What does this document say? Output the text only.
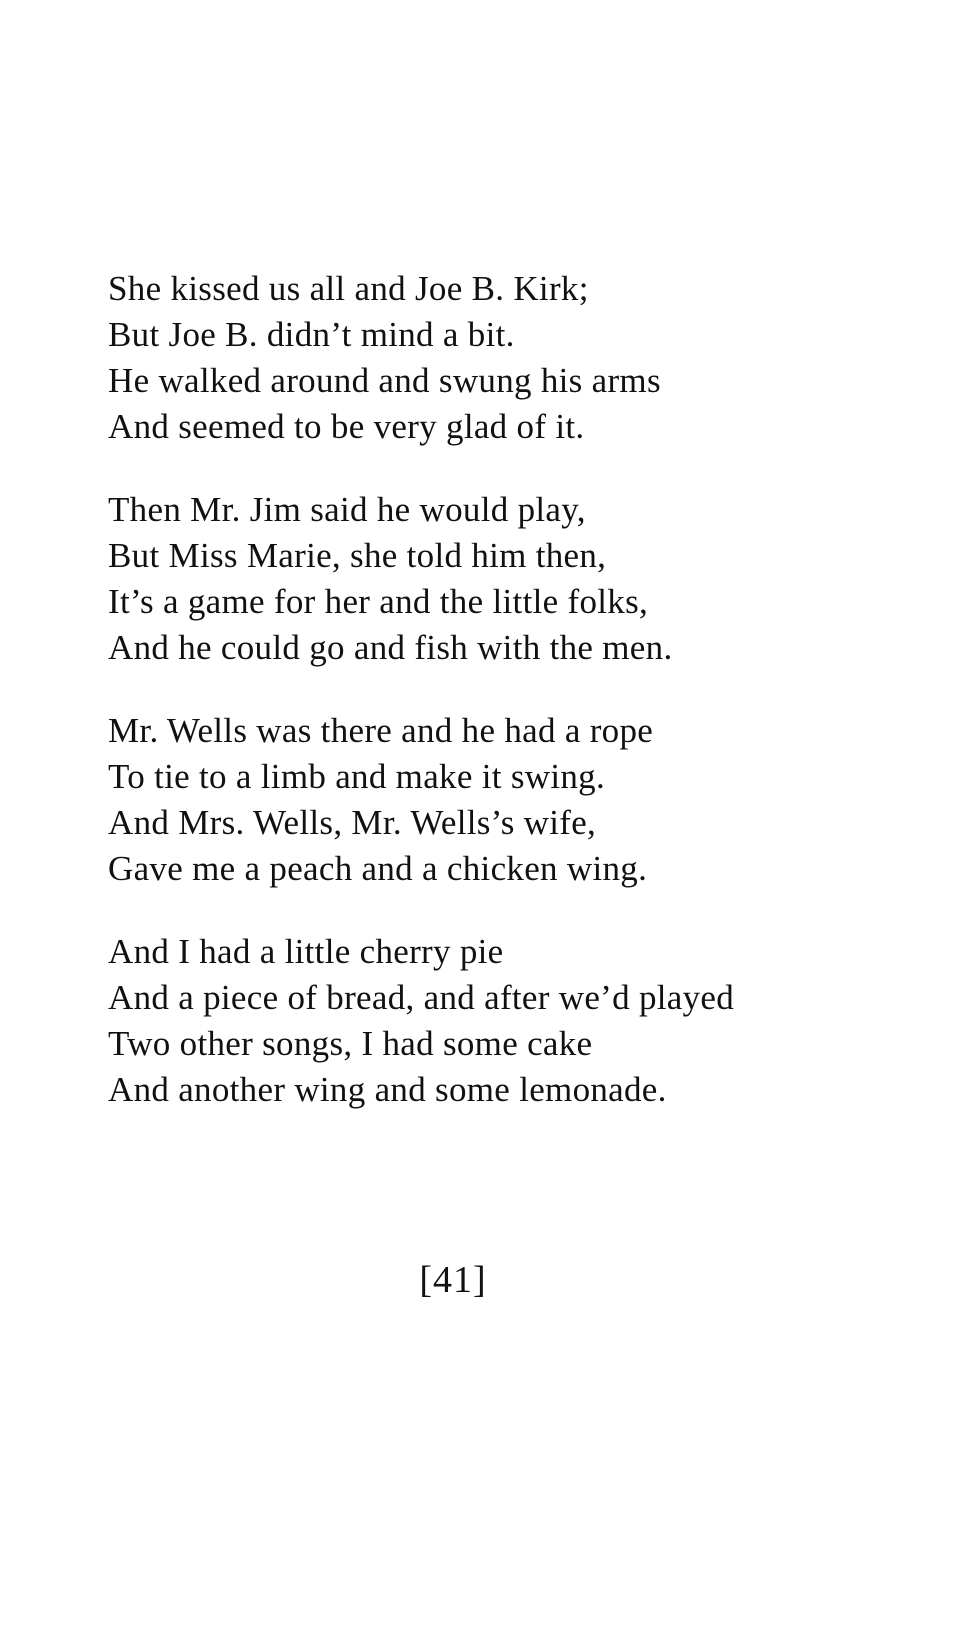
She kissed us all and Joe B. Kirk;
But Joe B. didn’t mind a bit.
He walked around and swung his arms
And seemed to be very glad of it.
Then Mr. Jim said he would play,
But Miss Marie, she told him then,
It’s a game for her and the little folks,
And he could go and fish with the men.
Mr. Wells was there and he had a rope
To tie to a limb and make it swing.
And Mrs. Wells, Mr. Wells’s wife,
Gave me a peach and a chicken wing.
And I had a little cherry pie
And a piece of bread, and after we’d played
Two other songs, I had some cake
And another wing and some lemonade.
[41]
